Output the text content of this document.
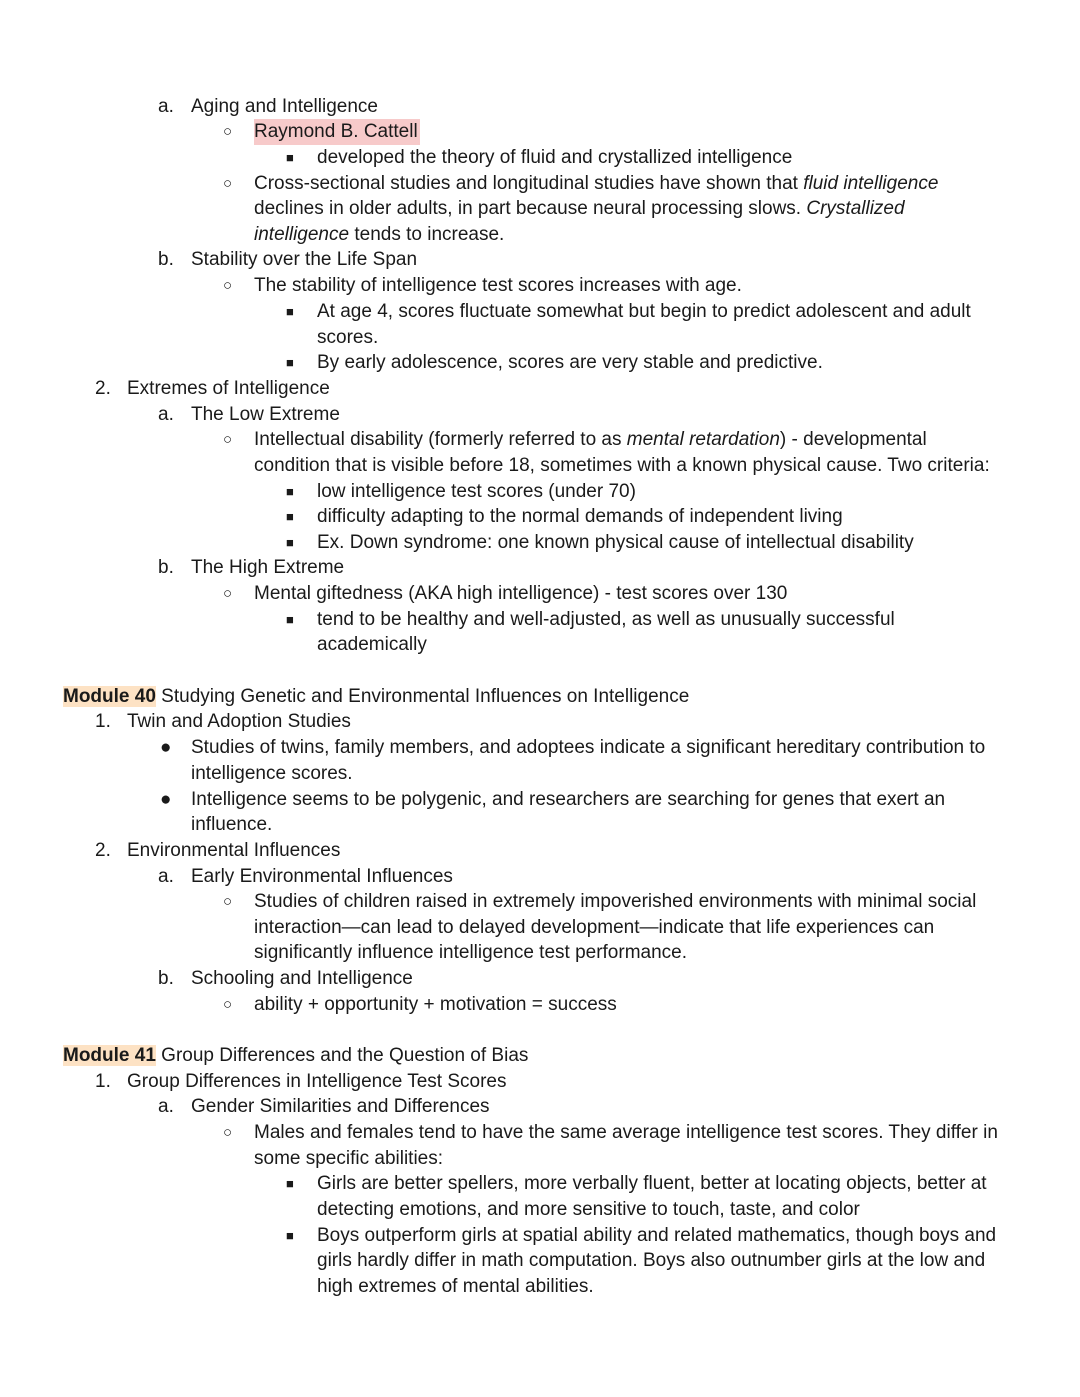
a. Aging and Intelligence
○ Raymond B. Cattell
■ developed the theory of fluid and crystallized intelligence
○ Cross-sectional studies and longitudinal studies have shown that fluid intelligence
declines in older adults, in part because neural processing slows. Crystallized
intelligence tends to increase.
b. Stability over the Life Span
○ The stability of intelligence test scores increases with age.
■ At age 4, scores fluctuate somewhat but begin to predict adolescent and adult
scores.
■ By early adolescence, scores are very stable and predictive.
2. Extremes of Intelligence
a. The Low Extreme
○ Intellectual disability (formerly referred to as mental retardation) - developmental
condition that is visible before 18, sometimes with a known physical cause. Two criteria:
■ low intelligence test scores (under 70)
■ difficulty adapting to the normal demands of independent living
■ Ex. Down syndrome: one known physical cause of intellectual disability
b. The High Extreme
○ Mental giftedness (AKA high intelligence) - test scores over 130
■ tend to be healthy and well-adjusted, as well as unusually successful
academically
Module 40 Studying Genetic and Environmental Influences on Intelligence
1. Twin and Adoption Studies
● Studies of twins, family members, and adoptees indicate a significant hereditary contribution to
intelligence scores.
● Intelligence seems to be polygenic, and researchers are searching for genes that exert an
influence.
2. Environmental Influences
a. Early Environmental Influences
○ Studies of children raised in extremely impoverished environments with minimal social
interaction—can lead to delayed development—indicate that life experiences can
significantly influence intelligence test performance.
b. Schooling and Intelligence
○ ability + opportunity + motivation = success
Module 41 Group Differences and the Question of Bias
1. Group Differences in Intelligence Test Scores
a. Gender Similarities and Differences
○ Males and females tend to have the same average intelligence test scores. They differ in
some specific abilities:
■ Girls are better spellers, more verbally fluent, better at locating objects, better at
detecting emotions, and more sensitive to touch, taste, and color
■ Boys outperform girls at spatial ability and related mathematics, though boys and
girls hardly differ in math computation. Boys also outnumber girls at the low and
high extremes of mental abilities.
